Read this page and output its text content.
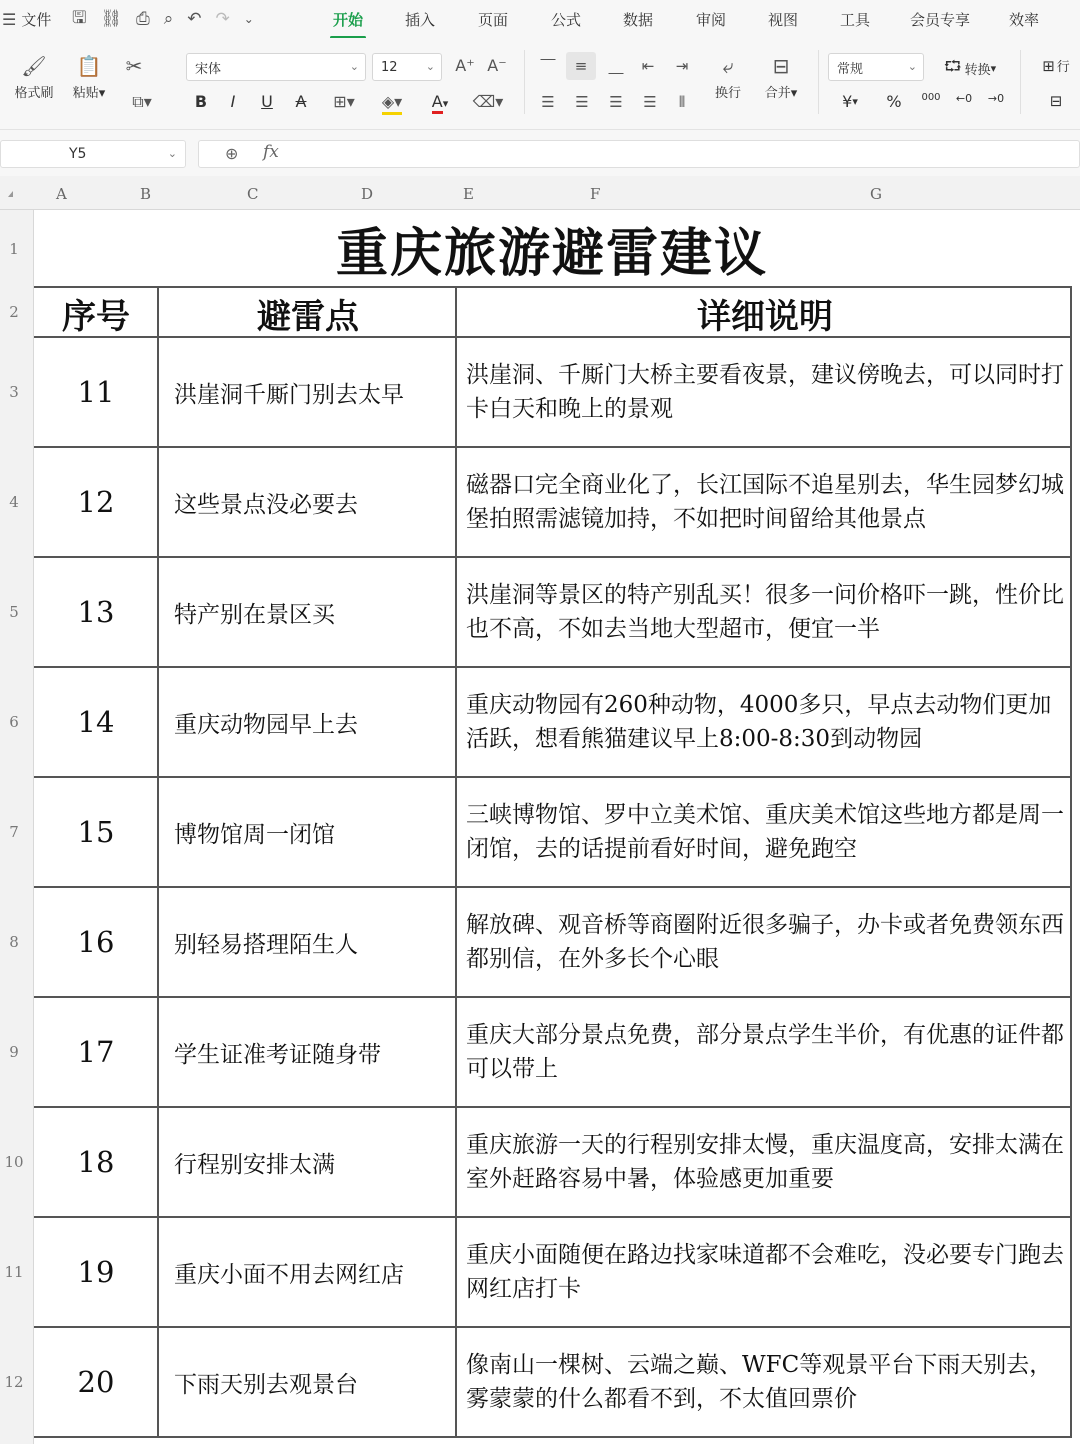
☰ 文件 🖫 ⛓ ⎙ ⌕ ↶ ↷ ⌄	开始	插入	页面	公式	数据	审阅	视图	工具	会员专享	效率
🖌
格式刷
📋
粘贴▾
✂
⧉▾
宋体	⌄ 12	⌄ A⁺ A⁻
B	I	U A ⊞▾ ◈▾ A ▾ ⌫▾
⎺ ≡ ⎽ ⇤ ⇥
☰ ☰ ☰ ☰ ⫴
⤶
换行
⊟
合并▾
常规	⌄ ⮔ 转换 ▾
¥ ▾ %	000	←0 →0
⊞ 行
⊟
Y5	⌄	⊕ fx
A	B	C	D	E	F	G
1
2
3
4
5
6
7
8
9
10
11
12
重庆旅游避雷建议
序号	避雷点	详细说明
11	洪崖洞千厮门别去太早
洪崖洞、千厮门大桥主要看夜景，建议傍晚去，可以同时打卡白天和晚上的景观
12	这些景点没必要去
磁器口完全商业化了，长江国际不追星别去，华生园梦幻城堡拍照需滤镜加持，不如把时间留给其他景点
13	特产别在景区买
洪崖洞等景区的特产别乱买！很多一问价格吓一跳，性价比也不高，不如去当地大型超市，便宜一半
14	重庆动物园早上去
重庆动物园有260种动物，4000多只，早点去动物们更加活跃，想看熊猫建议早上8:00-8:30到动物园
15	博物馆周一闭馆
三峡博物馆、罗中立美术馆、重庆美术馆这些地方都是周一闭馆，去的话提前看好时间，避免跑空
16	别轻易搭理陌生人
解放碑、观音桥等商圈附近很多骗子，办卡或者免费领东西都别信，在外多长个心眼
17	学生证准考证随身带
重庆大部分景点免费，部分景点学生半价，有优惠的证件都可以带上
18	行程别安排太满
重庆旅游一天的行程别安排太慢，重庆温度高，安排太满在室外赶路容易中暑，体验感更加重要
19	重庆小面不用去网红店
重庆小面随便在路边找家味道都不会难吃，没必要专门跑去网红店打卡
20	下雨天别去观景台
像南山一棵树、云端之巅、WFC等观景平台下雨天别去，雾蒙蒙的什么都看不到，不太值回票价
